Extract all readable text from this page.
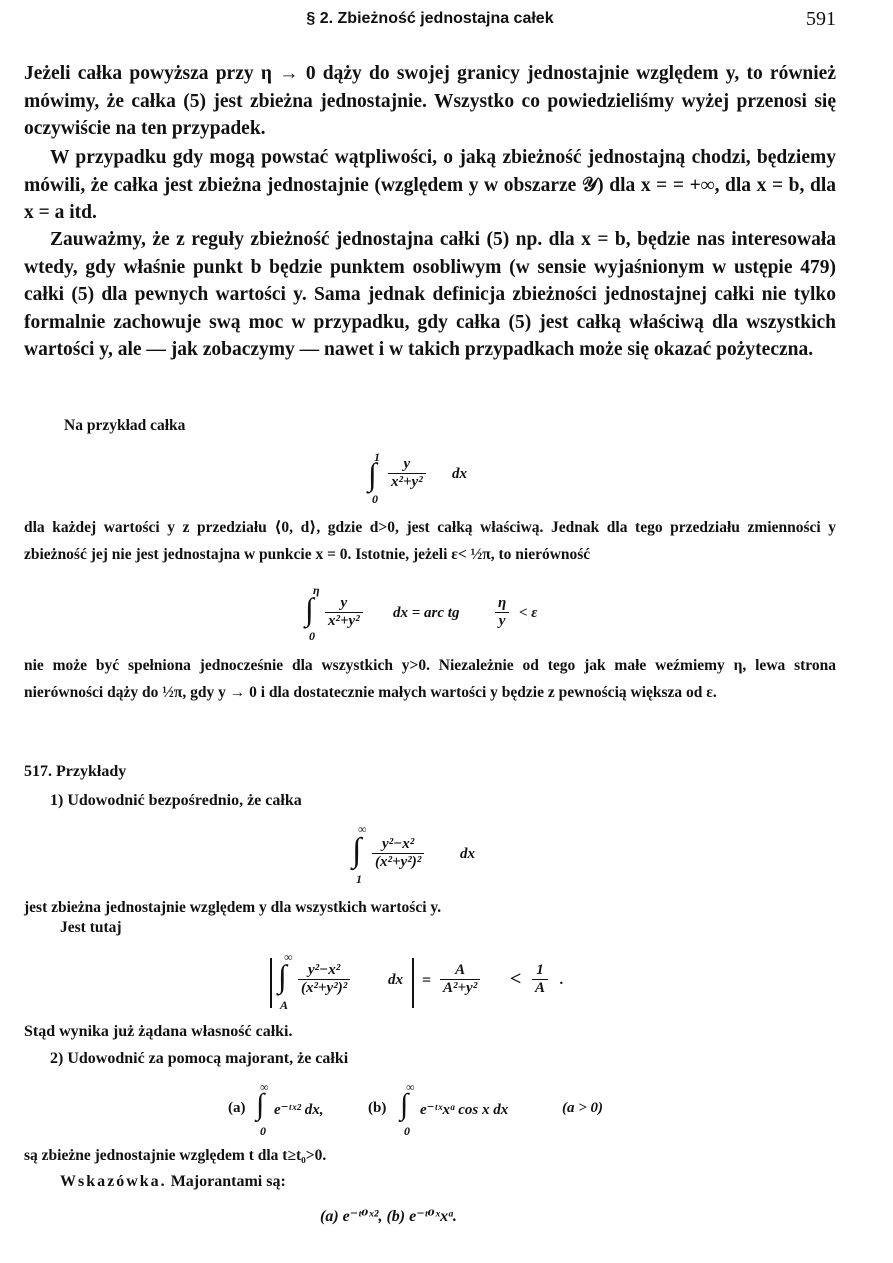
§ 2. Zbieżność jednostajna całek	591
Jeżeli całka powyższa przy η → 0 dąży do swojej granicy jednostajnie względem y, to również mówimy, że całka (5) jest zbieżna jednostajnie. Wszystko co powiedzieliśmy wyżej przenosi się oczywiście na ten przypadek.
W przypadku gdy mogą powstać wątpliwości, o jaką zbieżność jednostajną chodzi, będziemy mówili, że całka jest zbieżna jednostajnie (względem y w obszarze 𝒴) dla x = = +∞, dla x = b, dla x = a itd.
Zauważmy, że z reguły zbieżność jednostajna całki (5) np. dla x = b, będzie nas interesowała wtedy, gdy właśnie punkt b będzie punktem osobliwym (w sensie wyjaśnionym w ustępie 479) całki (5) dla pewnych wartości y. Sama jednak definicja zbieżności jednostajnej całki nie tylko formalnie zachowuje swą moc w przypadku, gdy całka (5) jest całką właściwą dla wszystkich wartości y, ale — jak zobaczymy — nawet i w takich przypadkach może się okazać pożyteczna.
Na przykład całka
1
∫
0
$\frac{y}{\text{x²+y²}}$ dx
dla każdej wartości y z przedziału ⟨0, d⟩, gdzie d>0, jest całką właściwą. Jednak dla tego przedziału zmienności y zbieżność jej nie jest jednostajna w punkcie x = 0. Istotnie, jeżeli ε< ½π, to nierówność
η
∫
0
$\frac{y}{\text{x²+y²}}$ dx = arc tg $\frac{\eta}{y} < \varepsilon$
nie może być spełniona jednocześnie dla wszystkich y>0. Niezależnie od tego jak małe weźmiemy η, lewa strona nierówności dąży do ½π, gdy y → 0 i dla dostatecznie małych wartości y będzie z pewnością większa od ε.
517. Przykłady
1) Udowodnić bezpośrednio, że całka
∞
∫
1
$\frac{\text{y²−x²}}{\text{(x²+y²)²}}$ dx
jest zbieżna jednostajnie względem y dla wszystkich wartości y.
Jest tutaj
∞
∫
A
$\frac{\text{y²−x²}}{\text{(x²+y²)²}}$	dx = $\frac{A}{\text{A²+y²}} < \frac{1}{A}$ .
Stąd wynika już żądana własność całki.
2) Udowodnić za pomocą majorant, że całki
(a)
∞
∫
0
e⁻ᵗˣ² dx,	(b)
∞
∫
0
e⁻ᵗˣxᵃ cos x dx	(a > 0)
są zbieżne jednostajnie względem t dla t≥t₀>0.
Wskazówka. Majorantami są:
(a) e⁻ᵗ⁰ˣ², (b) e⁻ᵗ⁰ˣxᵃ.
